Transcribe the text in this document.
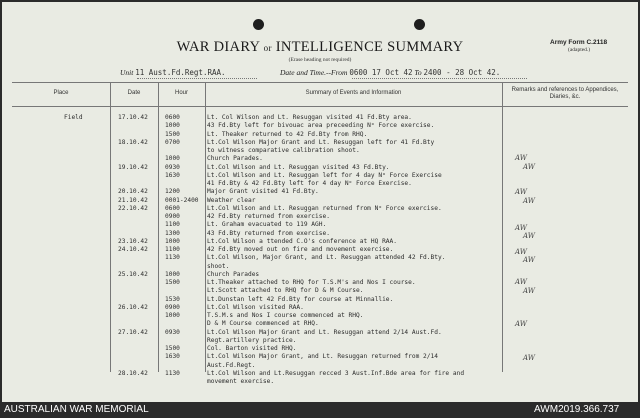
WAR DIARY or INTELLIGENCE SUMMARY
(Erase heading not required)
Army Form C.2118
(adapted.)
Unit 11 Aust.Fd.Regt.RAA.	Date and Time.--From 0600 17 Oct 42 To 2400 - 28 Oct 42.
Place	Date	Hour	Summary of Events and Information	Remarks and references to Appendices, Diaries, &c.
Field	17.10.42	0600	Lt. Col Wilson and Lt. Resuggan visited 41 Fd.Bty area.
1000	43 Fd.Bty left for bivouac area preceeding Nᵒ Force exercise.
1500	Lt. Theaker returned to 42 Fd.Bty from RHQ.
18.10.42	0700	Lt.Col Wilson Major Grant and Lt. Resuggan left for 41 Fd.Bty
to witness comparative calibration shoot.
1000	Church Parades.
19.10.42	0930	Lt.Col Wilson and Lt. Resuggan visited 43 Fd.Bty.
1630	Lt.Col Wilson and Lt. Resuggan left for 4 day Nᵒ Force Exercise
41 Fd.Bty & 42 Fd.Bty left for 4 day Nᵒ Force Exercise.
20.10.42	1200	Major Grant visited 41 Fd.Bty.
21.10.42	0001-2400 Weather clear
22.10.42	0600	Lt.Col Wilson and Lt. Resuggan returned from Nᵒ Force exercise.
0900	42 Fd.Bty returned from exercise.
1100	Lt. Graham evacuated to 119 AGH.
1300	43 Fd.Bty returned from exercise.
23.10.42	1000	Lt.Col Wilson a ttended C.O's conference at HQ RAA.
24.10.42	1100	42 Fd.Bty moved out on fire and movement exercise.
1130	Lt.Col Wilson, Major Grant, and Lt. Resuggan attended 42 Fd.Bty.
shoot.
25.10.42	1000	Church Parades
1500	Lt.Theaker attached to RHQ for T.S.M's and Nos I course.
Lt.Scott attached to RHQ for D & M Course.
1530	Lt.Dunstan left 42 Fd.Bty for course at Minnallie.
26.10.42	0900	Lt.Col Wilson visited RAA.
1000	T.S.M.s and Nos I course commenced at RHQ.
D & M Course commenced at RHQ.
27.10.42	0930	Lt.Col Wilson Major Grant and Lt. Resuggan attend 2/14 Aust.Fd.
Regt.artillery practice.
1500	Col. Barton visited RHQ.
1630	Lt.Col Wilson Major Grant, and Lt. Resuggan returned from 2/14
Aust.Fd.Regt.
28.10.42	1130	Lt.Col Wilson and Lt.Resuggan recced 3 Aust.Inf.Bde area for fire and
movement exercise.
AW
AW
AW
AW
AW
AW
AW
AW
AW
AW
AW
AW
AUSTRALIAN WAR MEMORIAL	AWM2019.366.737
